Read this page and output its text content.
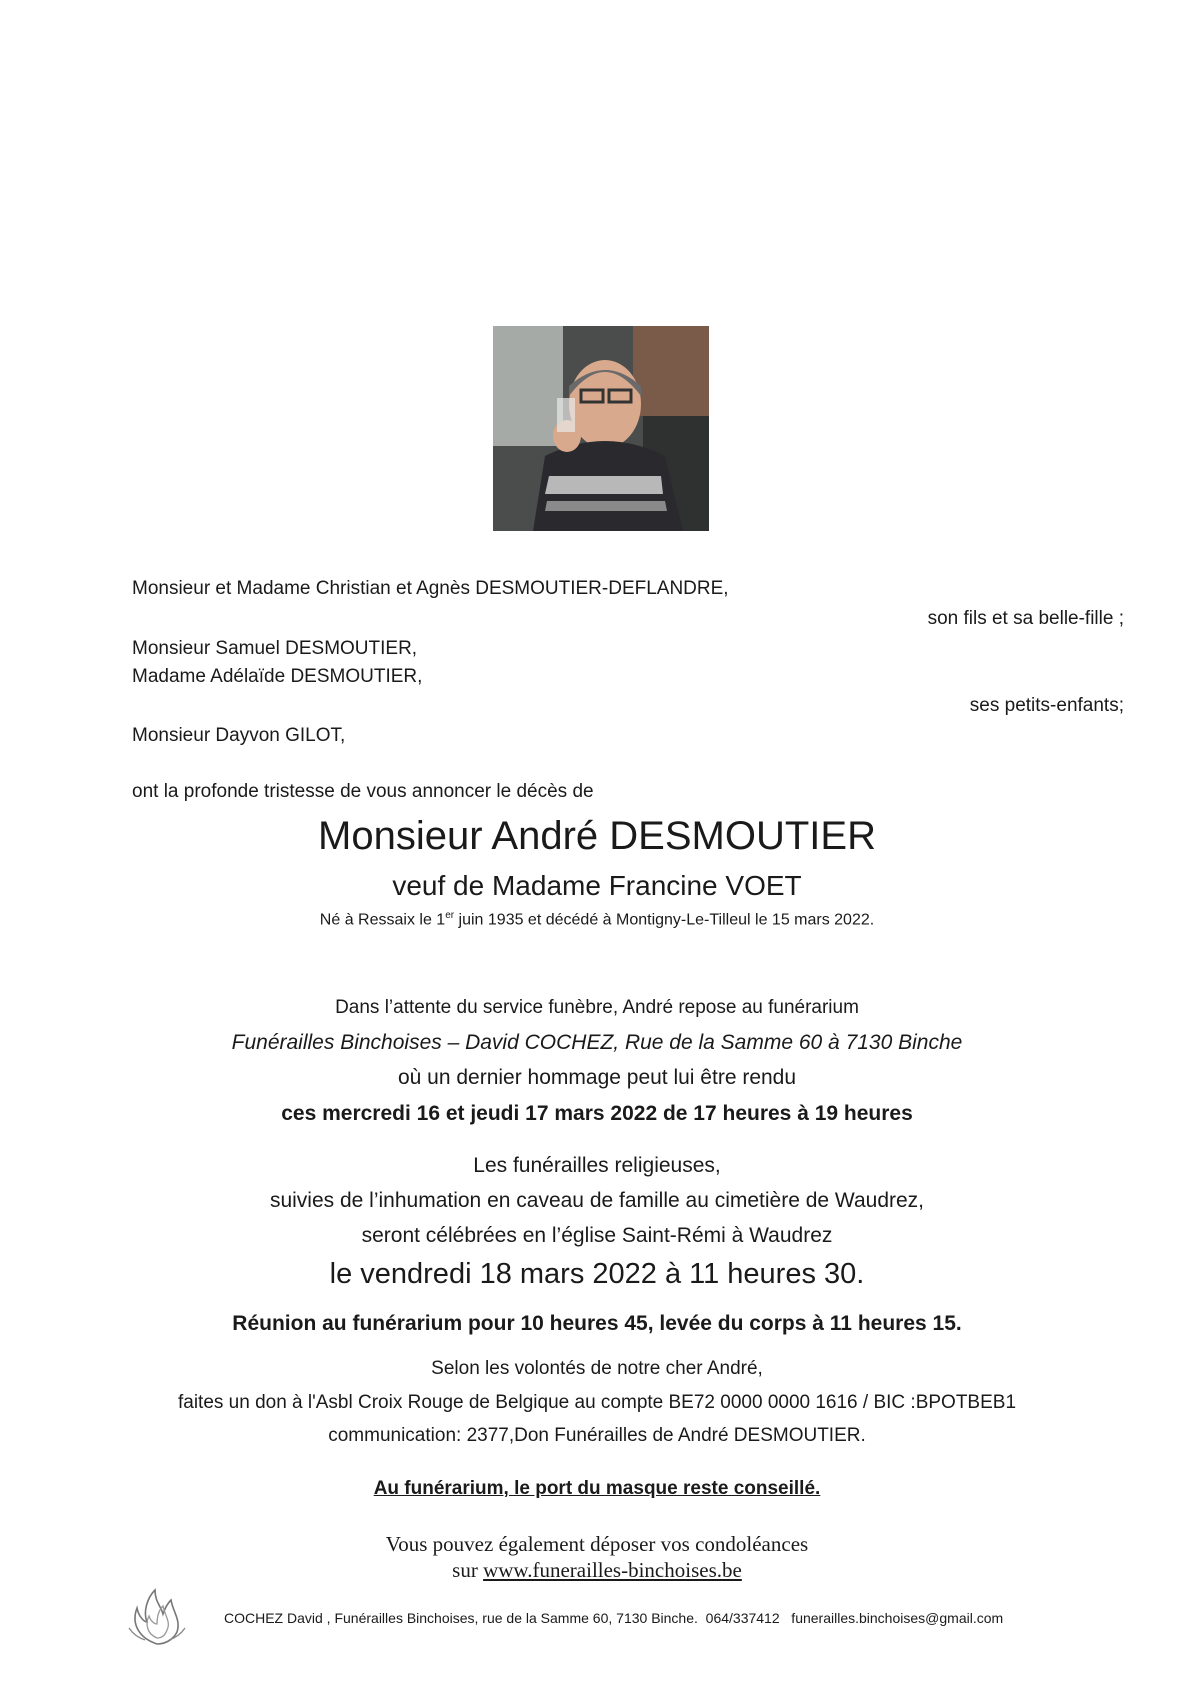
Monsieur et Madame Christian et Agnès DESMOUTIER-DEFLANDRE,
son fils et sa belle-fille ;
Monsieur Samuel DESMOUTIER,
Madame Adélaïde DESMOUTIER,
ses petits-enfants;
Monsieur Dayvon GILOT,
ont la profonde tristesse de vous annoncer le décès de
Monsieur André DESMOUTIER
veuf de Madame Francine VOET
Né à Ressaix le 1er juin 1935 et décédé à Montigny-Le-Tilleul le 15 mars 2022.
Dans l’attente du service funèbre, André repose au funérarium
Funérailles Binchoises – David COCHEZ, Rue de la Samme 60 à 7130 Binche
où un dernier hommage peut lui être rendu
ces mercredi 16 et jeudi 17 mars 2022 de 17 heures à 19 heures
Les funérailles religieuses,
suivies de l’inhumation en caveau de famille au cimetière de Waudrez,
seront célébrées en l’église Saint-Rémi à Waudrez
le vendredi 18 mars 2022 à 11 heures 30.
Réunion au funérarium pour 10 heures 45, levée du corps à 11 heures 15.
Selon les volontés de notre cher André,
faites un don à l'Asbl Croix Rouge de Belgique au compte BE72 0000 0000 1616 / BIC :BPOTBEB1
communication: 2377,Don Funérailles de André DESMOUTIER.
Au funérarium, le port du masque reste conseillé.
Vous pouvez également déposer vos condoléances
sur www.funerailles-binchoises.be
COCHEZ David , Funérailles Binchoises, rue de la Samme 60, 7130 Binche.  064/337412   funerailles.binchoises@gmail.com
